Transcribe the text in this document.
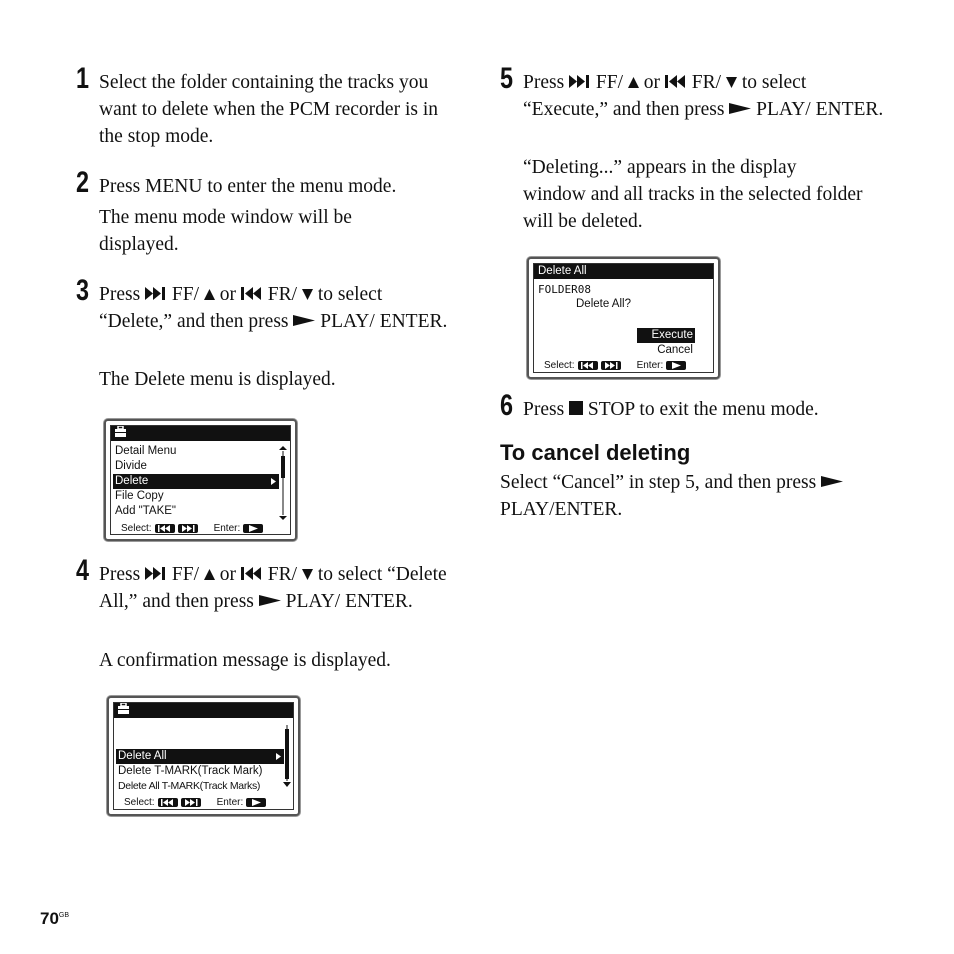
1 Select the folder containing the tracks you want to delete when the PCM recorder is in the stop mode.

2 Press MENU to enter the menu mode.

The menu mode window will be displayed.

3 Press FF/ or FR/ to select “Delete,” and then press PLAY/ ENTER.

The Delete menu is displayed.

Detail Menu
Divide
Delete
File Copy
Add "TAKE"
Select:	Enter:
4 Press FF/ or FR/ to select “Delete All,” and then press PLAY/ ENTER.

A confirmation message is displayed.

Delete All
Delete T-MARK(Track Mark)
Delete All T-MARK(Track Marks)
Select:	Enter:
5 Press FF/ or FR/ to select “Execute,” and then press PLAY/ ENTER.

“Deleting...” appears in the display window and all tracks in the selected folder will be deleted.

Delete All
FOLDER08
Delete All?
Execute
Cancel
Select:	Enter:
6 Press STOP to exit the menu mode.

To cancel deleting

Select “Cancel” in step 5, and then press
PLAY/ENTER.

$70^{GB}$
